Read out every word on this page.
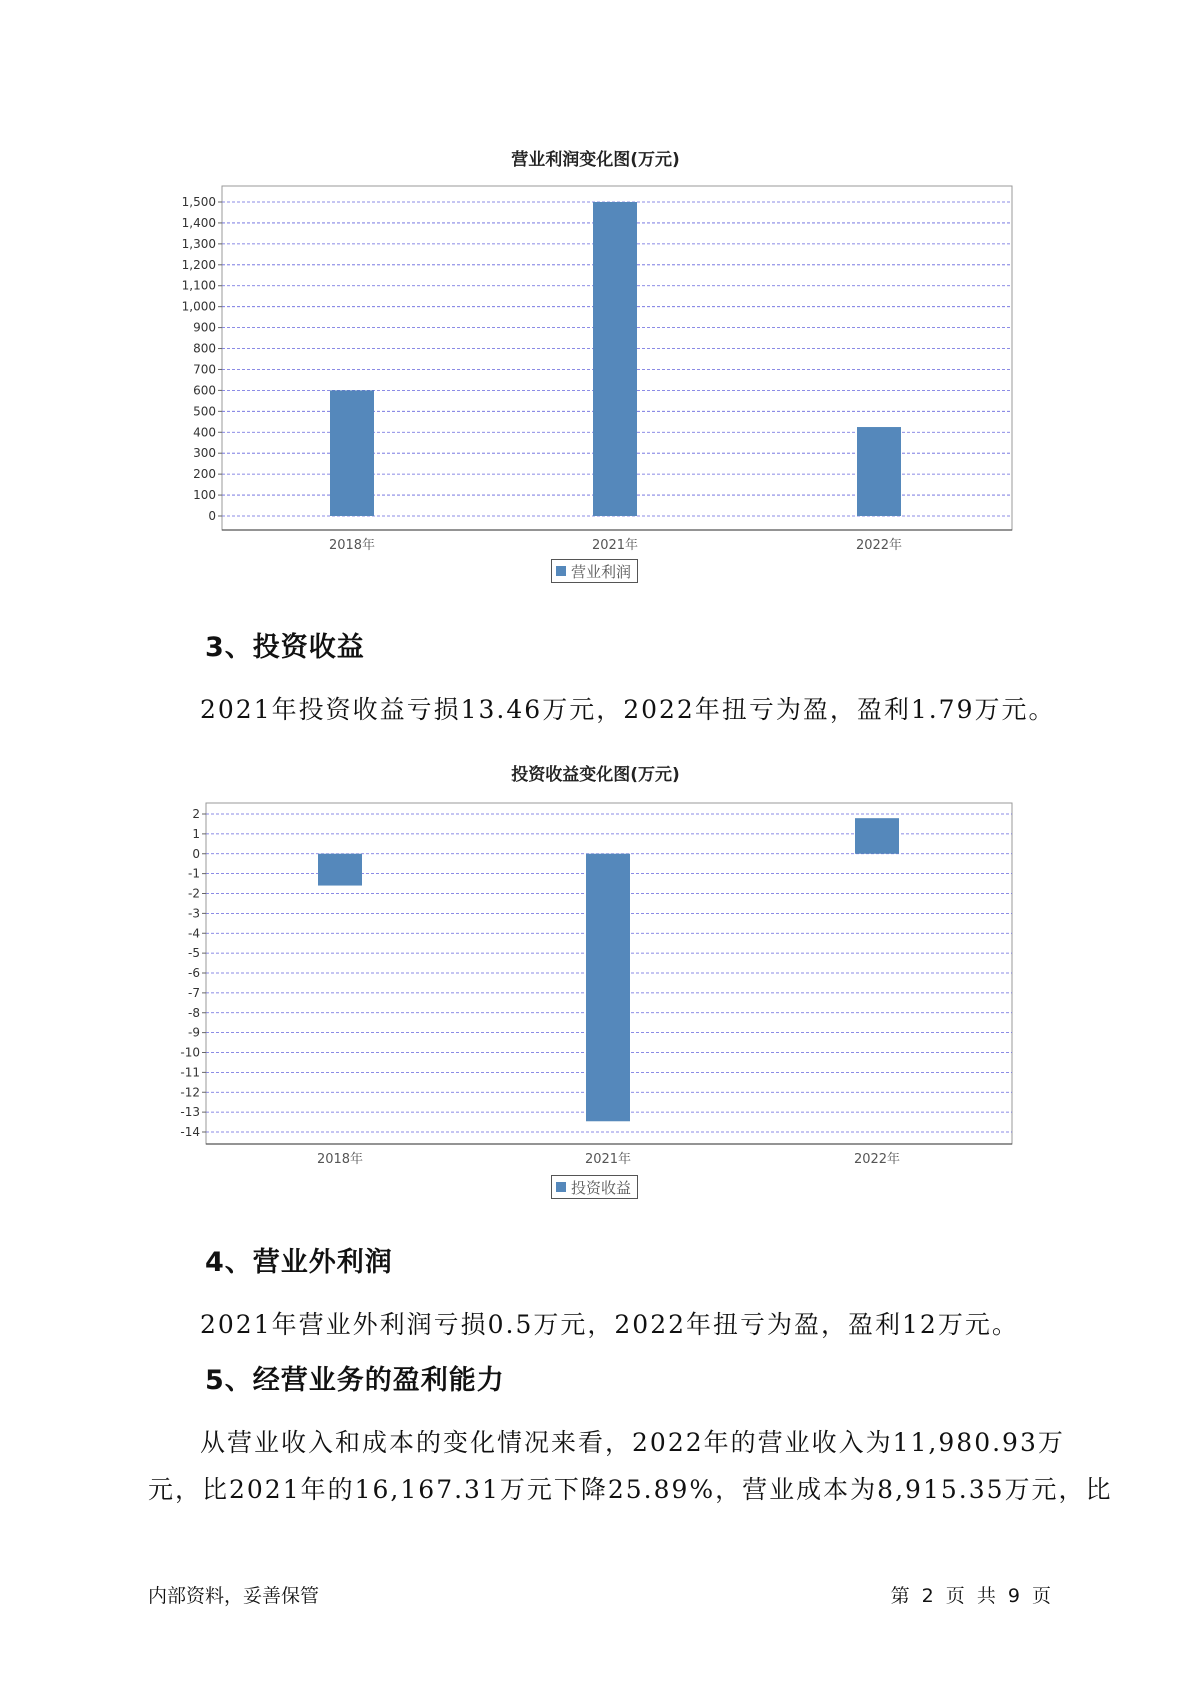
营业利润变化图(万元)
0
100
200
300
400
500
600
700
800
900
1,000
1,100
1,200
1,300
1,400
1,500
2018年	2021年	2022年
营业利润
3、投资收益
2021年投资收益亏损13.46万元，2022年扭亏为盈，盈利1.79万元。
投资收益变化图(万元)
2
1
0
-1
-2
-3
-4
-5
-6
-7
-8
-9
-10
-11
-12
-13
-14
2018年	2021年	2022年
投资收益
4、营业外利润
2021年营业外利润亏损0.5万元，2022年扭亏为盈，盈利12万元。
5、经营业务的盈利能力
从营业收入和成本的变化情况来看，2022年的营业收入为11,980.93万
元，比2021年的16,167.31万元下降25.89%，营业成本为8,915.35万元，比
内部资料，妥善保管	第 2 页 共 9 页
